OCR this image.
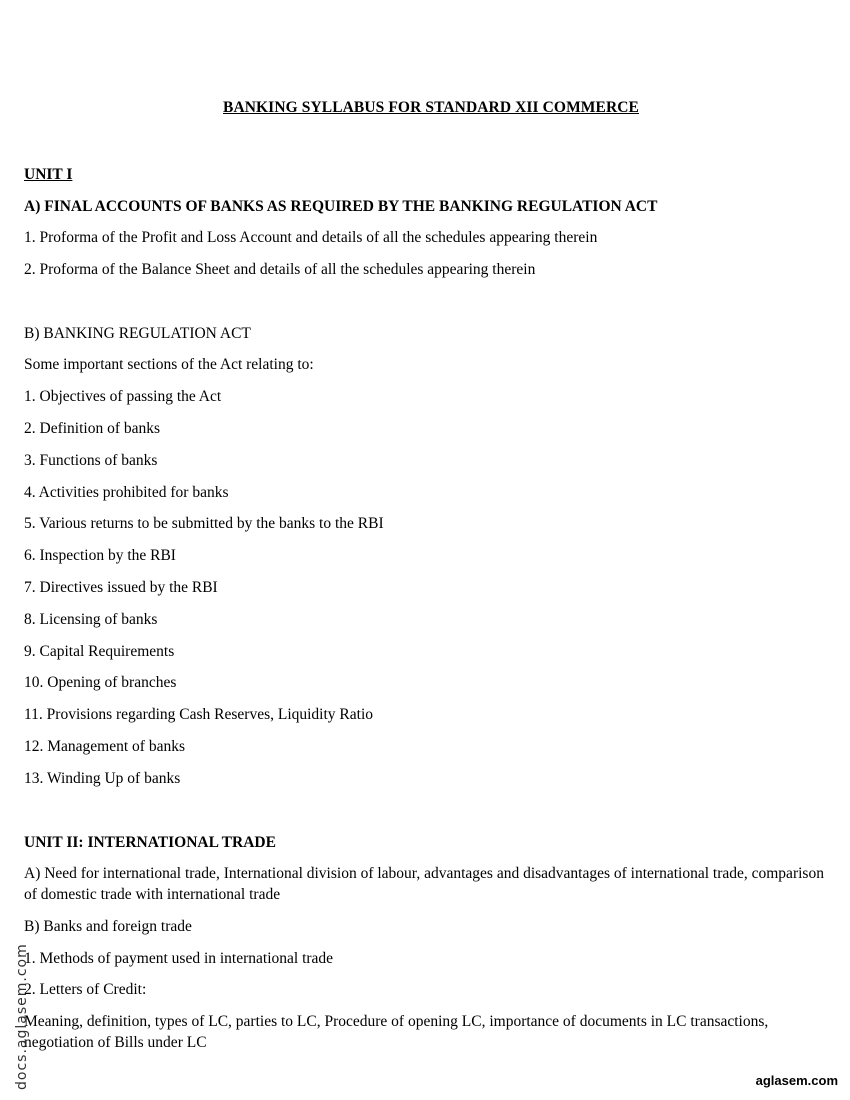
BANKING SYLLABUS FOR STANDARD XII COMMERCE
UNIT I
A) FINAL ACCOUNTS OF BANKS AS REQUIRED BY THE BANKING REGULATION ACT
1. Proforma of the Profit and Loss Account and details of all the schedules appearing therein
2. Proforma of the Balance Sheet and details of all the schedules appearing therein
B) BANKING REGULATION ACT
Some important sections of the Act relating to:
1. Objectives of passing the Act
2. Definition of banks
3. Functions of banks
4. Activities prohibited for banks
5. Various returns to be submitted by the banks to the RBI
6. Inspection by the RBI
7. Directives issued by the RBI
8. Licensing of banks
9. Capital Requirements
10. Opening of branches
11. Provisions regarding Cash Reserves, Liquidity Ratio
12. Management of banks
13. Winding Up of banks
UNIT II: INTERNATIONAL TRADE
A) Need for international trade, International division of labour, advantages and disadvantages of international trade, comparison of domestic trade with international trade
B) Banks and foreign trade
1. Methods of payment used in international trade
2. Letters of Credit:
Meaning, definition, types of LC, parties to LC, Procedure of opening LC, importance of documents in LC transactions, negotiation of Bills under LC
docs.aglasem.com	aglasem.com
